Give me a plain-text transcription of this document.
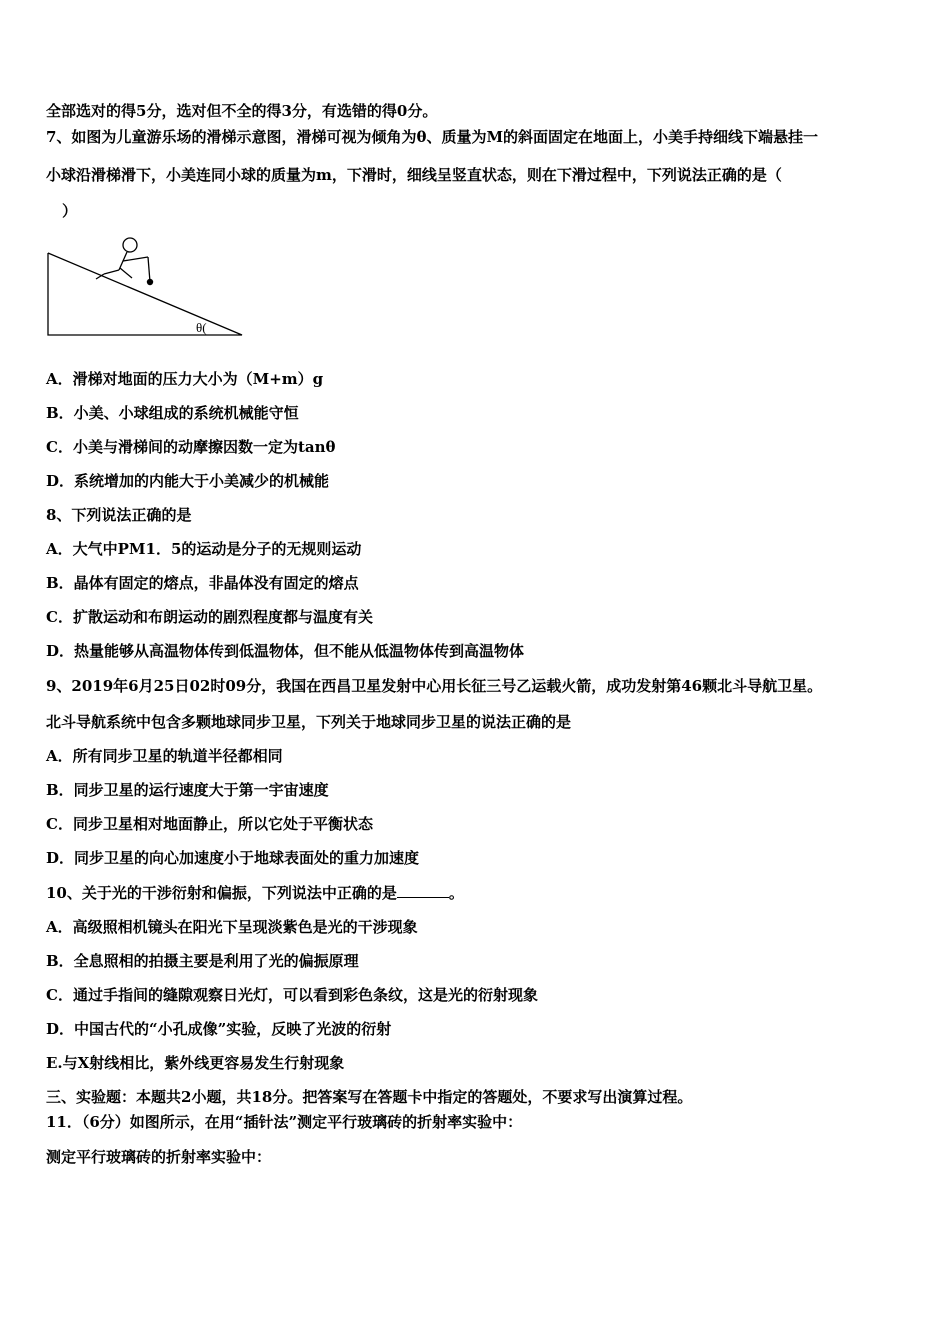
全部选对的得5分，选对但不全的得3分，有选错的得0分。
7、如图为儿童游乐场的滑梯示意图，滑梯可视为倾角为θ、质量为M的斜面固定在地面上，小美手持细线下端悬挂一
小球沿滑梯滑下，小美连同小球的质量为m，下滑时，细线呈竖直状态，则在下滑过程中，下列说法正确的是（
）
θ(
A．滑梯对地面的压力大小为（M+m）g
B．小美、小球组成的系统机械能守恒
C．小美与滑梯间的动摩擦因数一定为tanθ
D．系统增加的内能大于小美减少的机械能
8、下列说法正确的是
A．大气中PM1．5的运动是分子的无规则运动
B．晶体有固定的熔点，非晶体没有固定的熔点
C．扩散运动和布朗运动的剧烈程度都与温度有关
D．热量能够从高温物体传到低温物体，但不能从低温物体传到高温物体
9、2019年6月25日02时09分，我国在西昌卫星发射中心用长征三号乙运载火箭，成功发射第46颗北斗导航卫星。
北斗导航系统中包含多颗地球同步卫星，下列关于地球同步卫星的说法正确的是
A．所有同步卫星的轨道半径都相同
B．同步卫星的运行速度大于第一宇宙速度
C．同步卫星相对地面静止，所以它处于平衡状态
D．同步卫星的向心加速度小于地球表面处的重力加速度
10、关于光的干涉衍射和偏振，下列说法中正确的是	。
A．高级照相机镜头在阳光下呈现淡紫色是光的干涉现象
B．全息照相的拍摄主要是利用了光的偏振原理
C．通过手指间的缝隙观察日光灯，可以看到彩色条纹，这是光的衍射现象
D．中国古代的“小孔成像”实验，反映了光波的衍射
E.与X射线相比，紫外线更容易发生行射现象
三、实验题：本题共2小题，共18分。把答案写在答题卡中指定的答题处，不要求写出演算过程。
11．（6分）如图所示，在用“插针法”测定平行玻璃砖的折射率实验中：
测定平行玻璃砖的折射率实验中：
